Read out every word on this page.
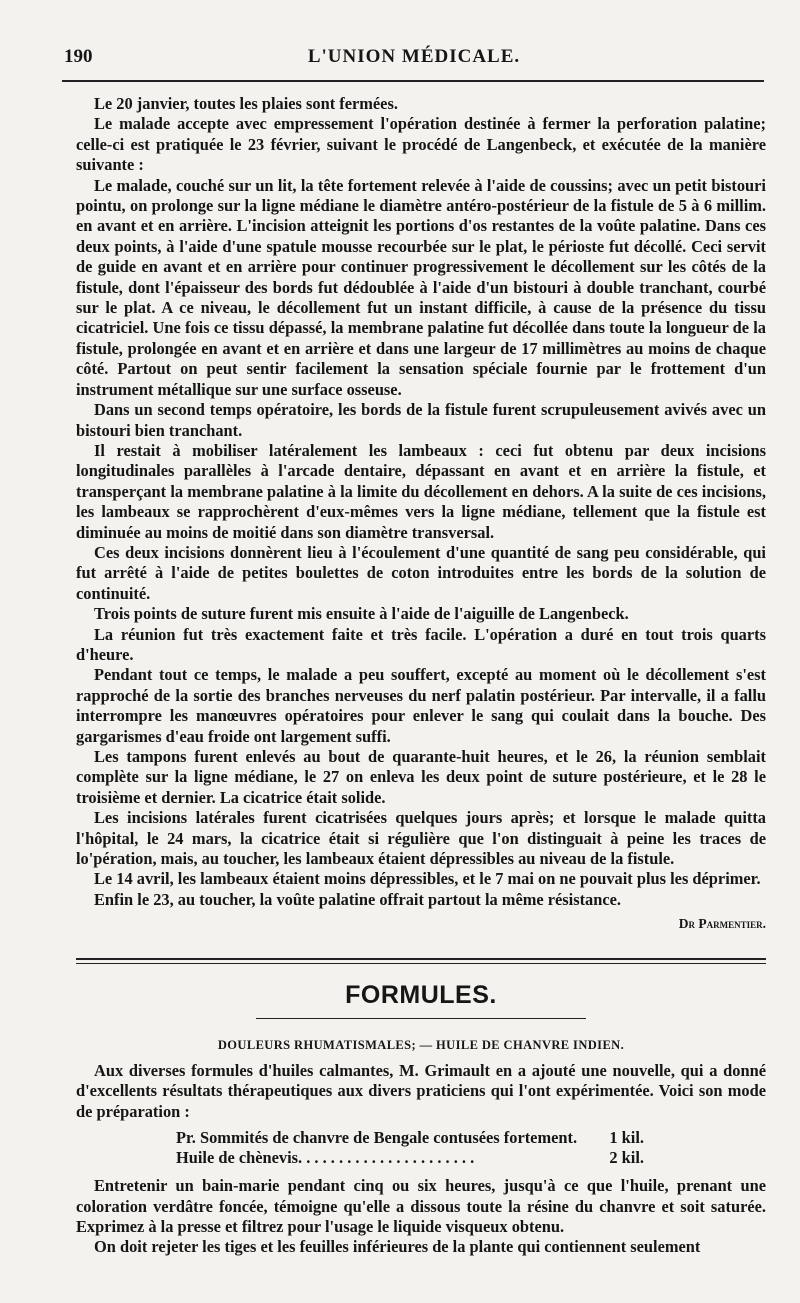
190	L'UNION MÉDICALE.

Le 20 janvier, toutes les plaies sont fermées.

Le malade accepte avec empressement l'opération destinée à fermer la perforation palatine; celle-ci est pratiquée le 23 février, suivant le procédé de Langenbeck, et exécutée de la manière suivante :

Le malade, couché sur un lit, la tête fortement relevée à l'aide de coussins; avec un petit bistouri pointu, on prolonge sur la ligne médiane le diamètre antéro-postérieur de la fistule de 5 à 6 millim. en avant et en arrière. L'incision atteignit les portions d'os restantes de la voûte palatine. Dans ces deux points, à l'aide d'une spatule mousse recourbée sur le plat, le périoste fut décollé. Ceci servit de guide en avant et en arrière pour continuer progressivement le décollement sur les côtés de la fistule, dont l'épaisseur des bords fut dédoublée à l'aide d'un bistouri à double tranchant, courbé sur le plat. A ce niveau, le décollement fut un instant difficile, à cause de la présence du tissu cicatriciel. Une fois ce tissu dépassé, la membrane palatine fut décollée dans toute la longueur de la fistule, prolongée en avant et en arrière et dans une largeur de 17 millimètres au moins de chaque côté. Partout on peut sentir facilement la sensation spéciale fournie par le frottement d'un instrument métallique sur une surface osseuse.

Dans un second temps opératoire, les bords de la fistule furent scrupuleusement avivés avec un bistouri bien tranchant.

Il restait à mobiliser latéralement les lambeaux : ceci fut obtenu par deux incisions longitudinales parallèles à l'arcade dentaire, dépassant en avant et en arrière la fistule, et transperçant la membrane palatine à la limite du décollement en dehors. A la suite de ces incisions, les lambeaux se rapprochèrent d'eux-mêmes vers la ligne médiane, tellement que la fistule est diminuée au moins de moitié dans son diamètre transversal.

Ces deux incisions donnèrent lieu à l'écoulement d'une quantité de sang peu considérable, qui fut arrêté à l'aide de petites boulettes de coton introduites entre les bords de la solution de continuité.

Trois points de suture furent mis ensuite à l'aide de l'aiguille de Langenbeck.

La réunion fut très exactement faite et très facile. L'opération a duré en tout trois quarts d'heure.

Pendant tout ce temps, le malade a peu souffert, excepté au moment où le décollement s'est rapproché de la sortie des branches nerveuses du nerf palatin postérieur. Par intervalle, il a fallu interrompre les manœuvres opératoires pour enlever le sang qui coulait dans la bouche. Des gargarismes d'eau froide ont largement suffi.

Les tampons furent enlevés au bout de quarante-huit heures, et le 26, la réunion semblait complète sur la ligne médiane, le 27 on enleva les deux point de suture postérieure, et le 28 le troisième et dernier. La cicatrice était solide.

Les incisions latérales furent cicatrisées quelques jours après; et lorsque le malade quitta l'hôpital, le 24 mars, la cicatrice était si régulière que l'on distinguait à peine les traces de lo'pération, mais, au toucher, les lambeaux étaient dépressibles au niveau de la fistule.

Le 14 avril, les lambeaux étaient moins dépressibles, et le 7 mai on ne pouvait plus les déprimer.

Enfin le 23, au toucher, la voûte palatine offrait partout la même résistance.

Dr Parmentier.

FORMULES.
DOULEURS RHUMATISMALES; — HUILE DE CHANVRE INDIEN.

Aux diverses formules d'huiles calmantes, M. Grimault en a ajouté une nouvelle, qui a donné d'excellents résultats thérapeutiques aux divers praticiens qui l'ont expérimentée. Voici son mode de préparation :

Pr. Sommités de chanvre de Bengale contusées fortement. 1 kil.
Huile de chènevis. . . . . . . . . . . . . . . . . . . . . .	2 kil.

Entretenir un bain-marie pendant cinq ou six heures, jusqu'à ce que l'huile, prenant une coloration verdâtre foncée, témoigne qu'elle a dissous toute la résine du chanvre et soit saturée. Exprimez à la presse et filtrez pour l'usage le liquide visqueux obtenu.

On doit rejeter les tiges et les feuilles inférieures de la plante qui contiennent seulement
